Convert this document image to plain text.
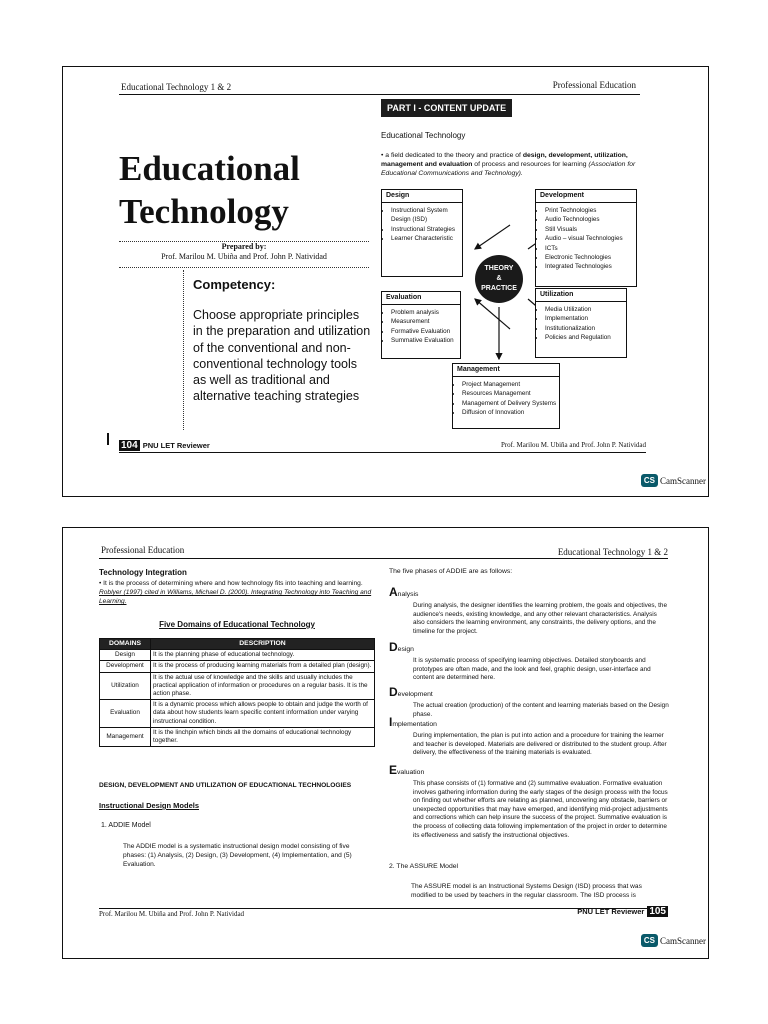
Educational Technology 1 & 2	Professional Education
Educational
Technology
Prepared by:
Prof. Marilou M. Ubiña and Prof. John P. Natividad
Competency:
Choose appropriate principles in the preparation and utilization of the conventional and non-conventional technology tools as well as traditional and alternative teaching strategies
PART I - CONTENT UPDATE
Educational Technology
• a field dedicated to the theory and practice of design, development, utilization, management and evaluation of process and resources for learning (Association for Educational Communications and Technology).
THEORY
&
PRACTICE
Design
• Instructional System Design (ISD)
• Instructional Strategies
• Learner Characteristic
Development
• Print Technologies
• Audio Technologies
• Still Visuals
• Audio – visual Technologies
• ICTs
• Electronic Technologies
• Integrated Technologies
Evaluation
• Problem analysis
• Measurement
• Formative Evaluation
• Summative Evaluation
Utilization
• Media Utilization
• Implementation
• Institutionalization
• Policies and Regulation
Management
• Project Management
• Resources Management
• Management of Delivery Systems
• Diffusion of Innovation
104 PNU LET Reviewer	Prof. Marilou M. Ubiña and Prof. John P. Natividad
CS CamScanner
Professional Education	Educational Technology 1 & 2
Technology Integration
• It is the process of determining where and how technology fits into teaching and learning. Roblyer (1997) cited in Williams, Michael D. (2000). Integrating Technology into Teaching and Learning.
Five Domains of Educational Technology
DOMAINS	DESCRIPTION
Design	It is the planning phase of educational technology.
Development	It is the process of producing learning materials from a detailed plan (design).
Utilization	It is the actual use of knowledge and the skills and usually includes the practical application of information or procedures on a regular basis. It is the action phase.
Evaluation	It is a dynamic process which allows people to obtain and judge the worth of data about how students learn specific content information under varying instructional condition.
Management	It is the linchpin which binds all the domains of educational technology together.
DESIGN, DEVELOPMENT AND UTILIZATION OF EDUCATIONAL TECHNOLOGIES
Instructional Design Models
1. ADDIE Model
The ADDIE model is a systematic instructional design model consisting of five phases: (1) Analysis, (2) Design, (3) Development, (4) Implementation, and (5) Evaluation.
The five phases of ADDIE are as follows:
Analysis

During analysis, the designer identifies the learning problem, the goals and objectives, the audience's needs, existing knowledge, and any other relevant characteristics. Analysis also considers the learning environment, any constraints, the delivery options, and the timeline for the project.

Design

It is systematic process of specifying learning objectives. Detailed storyboards and prototypes are often made, and the look and feel, graphic design, user-interface and content are determined here.

Development

The actual creation (production) of the content and learning materials based on the Design phase.

Implementation

During implementation, the plan is put into action and a procedure for training the learner and teacher is developed. Materials are delivered or distributed to the student group. After delivery, the effectiveness of the training materials is evaluated.

Evaluation

This phase consists of (1) formative and (2) summative evaluation. Formative evaluation involves gathering information during the early stages of the design process with the focus on finding out whether efforts are relating as planned, uncovering any obstacle, barriers or unexpected opportunities that may have emerged, and identifying mid-project adjustments and corrections which can help insure the success of the project. Summative evaluation is the process of collecting data following implementation of the project in order to determine its effectiveness and satisfy the instructional objectives.

2. The ASSURE Model
The ASSURE model is an Instructional Systems Design (ISD) process that was modified to be used by teachers in the regular classroom. The ISD process is
Prof. Marilou M. Ubiña and Prof. John P. Natividad	PNU LET Reviewer 105
CS CamScanner
